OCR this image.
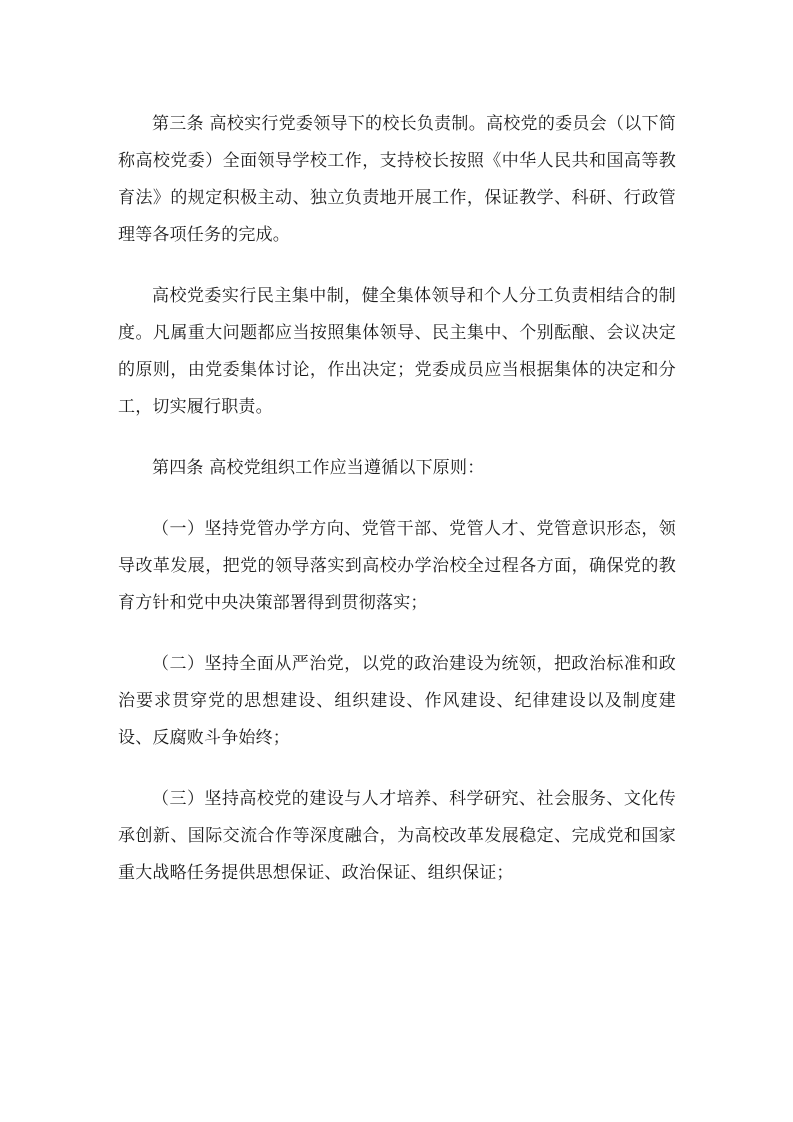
第三条 高校实行党委领导下的校长负责制。高校党的委员会（以下简称高校党委）全面领导学校工作，支持校长按照《中华人民共和国高等教育法》的规定积极主动、独立负责地开展工作，保证教学、科研、行政管理等各项任务的完成。

高校党委实行民主集中制，健全集体领导和个人分工负责相结合的制度。凡属重大问题都应当按照集体领导、民主集中、个别酝酿、会议决定的原则，由党委集体讨论，作出决定；党委成员应当根据集体的决定和分工，切实履行职责。

第四条 高校党组织工作应当遵循以下原则：

（一）坚持党管办学方向、党管干部、党管人才、党管意识形态，领导改革发展，把党的领导落实到高校办学治校全过程各方面，确保党的教育方针和党中央决策部署得到贯彻落实；

（二）坚持全面从严治党，以党的政治建设为统领，把政治标准和政治要求贯穿党的思想建设、组织建设、作风建设、纪律建设以及制度建设、反腐败斗争始终；

（三）坚持高校党的建设与人才培养、科学研究、社会服务、文化传承创新、国际交流合作等深度融合，为高校改革发展稳定、完成党和国家重大战略任务提供思想保证、政治保证、组织保证；
